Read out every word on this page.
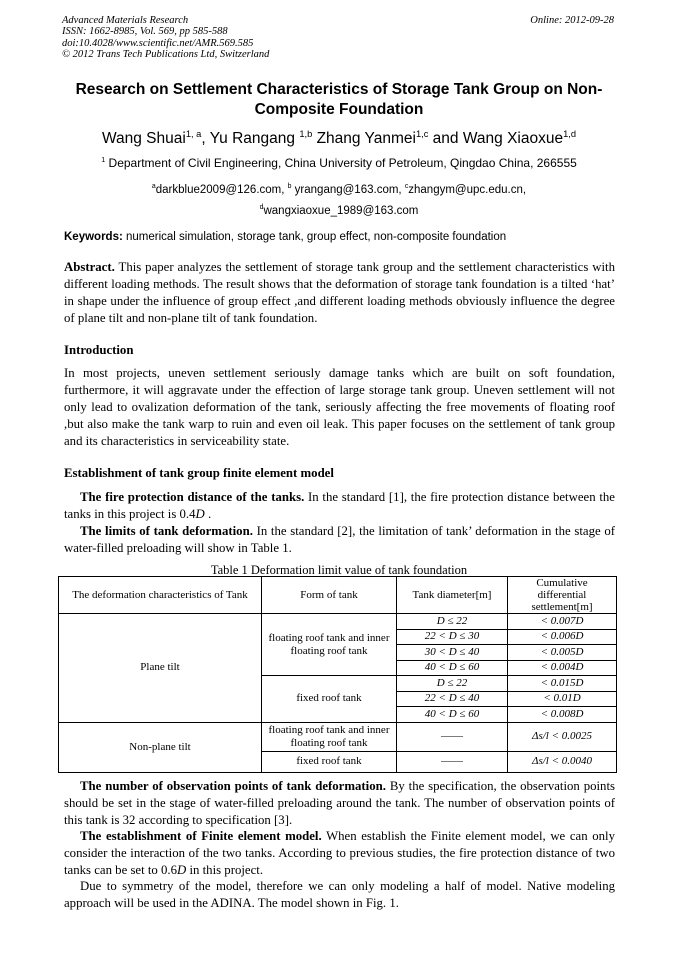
Advanced Materials Research
ISSN: 1662-8985, Vol. 569, pp 585-588
doi:10.4028/www.scientific.net/AMR.569.585
© 2012 Trans Tech Publications Ltd, Switzerland
Online: 2012-09-28
Research on Settlement Characteristics of Storage Tank Group on Non-Composite Foundation
Wang Shuai$^{1, a}$, Yu Rangang $^{1,b}$ Zhang Yanmei$^{1,c}$ and Wang Xiaoxue$^{1,d}$
$^1$ Department of Civil Engineering, China University of Petroleum, Qingdao China, 266555
$^a$darkblue2009@126.com, $^b$ yrangang@163.com, $^c$zhangym@upc.edu.cn,
$^d$wangxiaoxue_1989@163.com
Keywords: numerical simulation, storage tank, group effect, non-composite foundation
Abstract. This paper analyzes the settlement of storage tank group and the settlement characteristics with different loading methods. The result shows that the deformation of storage tank foundation is a tilted ‘hat’ in shape under the influence of group effect ,and different loading methods obviously influence the degree of plane tilt and non-plane tilt of tank foundation.
Introduction
In most projects, uneven settlement seriously damage tanks which are built on soft foundation, furthermore, it will aggravate under the effection of large storage tank group. Uneven settlement will not only lead to ovalization deformation of the tank, seriously affecting the free movements of floating roof ,but also make the tank warp to ruin and even oil leak. This paper focuses on the settlement of tank group and its characteristics in serviceability state.
Establishment of tank group finite element model
The fire protection distance of the tanks. In the standard [1], the fire protection distance between the tanks in this project is 0.4D .
The limits of tank deformation. In the standard [2], the limitation of tank’ deformation in the stage of water-filled preloading will show in Table 1.
Table 1 Deformation limit value of tank foundation
The deformation characteristics of Tank	Form of tank	Tank diameter[m]	Cumulative differential settlement[m]
Plane tilt	floating roof tank and inner floating roof tank	D ≤ 22	< 0.007D
		22 < D ≤ 30	< 0.006D
		30 < D ≤ 40	< 0.005D
		40 < D ≤ 60	< 0.004D
	fixed roof tank	D ≤ 22	< 0.015D
		22 < D ≤ 40	< 0.01D
		40 < D ≤ 60	< 0.008D
Non-plane tilt	floating roof tank and inner floating roof tank	——	Δs/l < 0.0025
	fixed roof tank	——	Δs/l < 0.0040
The number of observation points of tank deformation. By the specification, the observation points should be set in the stage of water-filled preloading around the tank. The number of observation points of this tank is 32 according to specification [3].
The establishment of Finite element model. When establish the Finite element model, we can only consider the interaction of the two tanks. According to previous studies, the fire protection distance of two tanks can be set to 0.6D in this project.
Due to symmetry of the model, therefore we can only modeling a half of model. Native modeling approach will be used in the ADINA. The model shown in Fig. 1.
